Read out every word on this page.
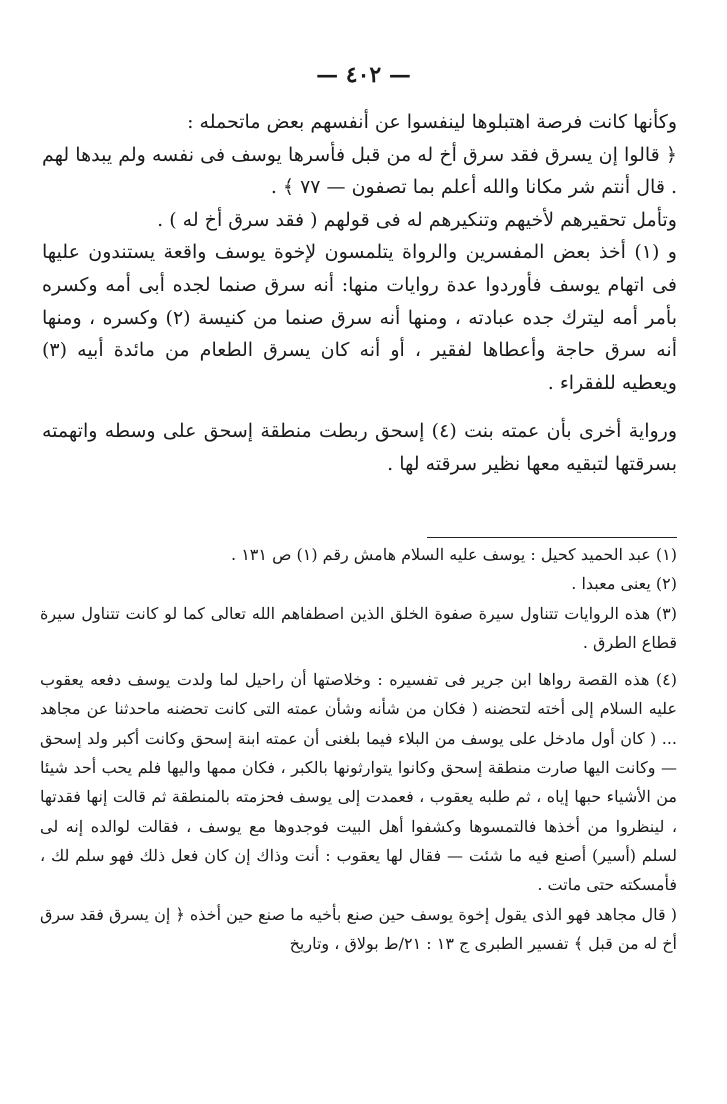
— ٤٠٢ —

وكأنها كانت فرصة اهتبلوها لينفسوا عن أنفسهم بعض ماتحمله :

﴿ قالوا إن يسرق فقد سرق أخ له من قبل فأسرها يوسف فى نفسه ولم يبدها لهم . قال أنتم شر مكانا والله أعلم بما تصفون — ٧٧ ﴾ .

وتأمل تحقيرهم لأخيهم وتنكيرهم له فى قولهم ( فقد سرق أخ له ) .

و (١) أخذ بعض المفسرين والرواة يتلمسون لإخوة يوسف واقعة يستندون عليها فى اتهام يوسف فأوردوا عدة روايات منها: أنه سرق صنما لجده أبى أمه وكسره بأمر أمه ليترك جده عبادته ، ومنها أنه سرق صنما من كنيسة (٢) وكسره ، ومنها أنه سرق حاجة وأعطاها لفقير ، أو أنه كان يسرق الطعام من مائدة أبيه (٣) ويعطيه للفقراء .

ورواية أخرى بأن عمته بنت (٤) إسحق ربطت منطقة إسحق على وسطه واتهمته بسرقتها لتبقيه معها نظير سرقته لها .

(١) عبد الحميد كحيل : يوسف عليه السلام هامش رقم (١) ص ١٣١ .

(٢) يعنى معبدا .

(٣) هذه الروايات تتناول سيرة صفوة الخلق الذين اصطفاهم الله تعالى كما لو كانت تتناول سيرة قطاع الطرق .

(٤) هذه القصة رواها ابن جرير فى تفسيره : وخلاصتها أن راحيل لما ولدت يوسف دفعه يعقوب عليه السلام إلى أخته لتحضنه ( فكان من شأنه وشأن عمته التى كانت تحضنه ماحدثنا عن مجاهد ... ( كان أول مادخل على يوسف من البلاء فيما بلغنى أن عمته ابنة إسحق وكانت أكبر ولد إسحق — وكانت اليها صارت منطقة إسحق وكانوا يتوارثونها بالكبر ، فكان ممها واليها فلم يحب أحد شيئا من الأشياء حبها إياه ، ثم طلبه يعقوب ، فعمدت إلى يوسف فحزمته بالمنطقة ثم قالت إنها فقدتها ، لينظروا من أخذها فالتمسوها وكشفوا أهل البيت فوجدوها مع يوسف ، فقالت لوالده إنه لى لسلم (أسير) أصنع فيه ما شئت — فقال لها يعقوب : أنت وذاك إن كان فعل ذلك فهو سلم لك ، فأمسكته حتى ماتت .

( قال مجاهد فهو الذى يقول إخوة يوسف حين صنع بأخيه ما صنع حين أخذه ﴿ إن يسرق فقد سرق أخ له من قبل ﴾ تفسير الطبرى ج ١٣ : ٢١/ط بولاق ، وتاريخ
